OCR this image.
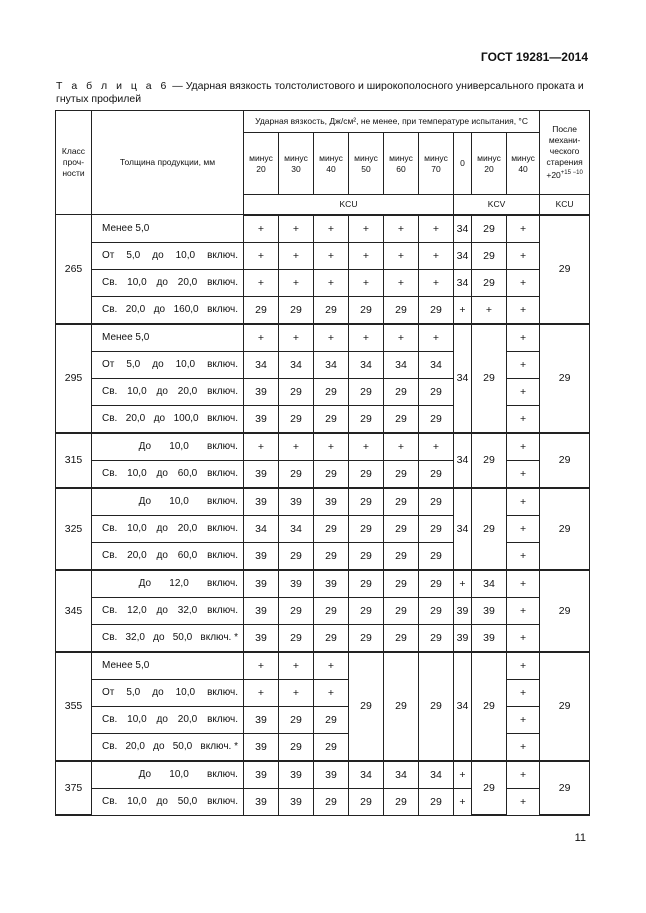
ГОСТ 19281—2014
Т а б л и ц а 6 — Ударная вязкость толстолистового и широкополосного универсального проката и гнутых профилей
Класс проч- ности	Толщина продукции, мм	Ударная вязкость, Дж/см², не менее, при температуре испытания, °С									После механи- ческого старения
$+20^{+15 -10}$
		минус 20	минус 30	минус 40	минус 50	минус 60	минус 70	0	минус 20	минус 40	
		KCU						KCV			KCU
265	Менее 5,0	+	+	+	+	+	+	34	29	+	29

	От 5,0 до 10,0 включ.	+	+	+	+	+	+	34	29	+	

	Св. 10,0 до 20,0 включ.	+	+	+	+	+	+	34	29	+	

	Св. 20,0 до 160,0 включ.	29	29	29	29	29	29	+	+	+	
295	Менее 5,0	+	+	+	+	+	+	34	29	+	29

	От 5,0 до 10,0 включ.	34	34	34	34	34	34			+	

	Св. 10,0 до 20,0 включ.	39	29	29	29	29	29			+	

	Св. 20,0 до 100,0 включ.	39	29	29	29	29	29			+	
315	До 10,0 включ.	+	+	+	+	+	+	34	29	+	29

	Св. 10,0 до 60,0 включ.	39	29	29	29	29	29			+	
325	До 10,0 включ.	39	39	39	29	29	29	34	29	+	29

	Св. 10,0 до 20,0 включ.	34	34	29	29	29	29			+	

	Св. 20,0 до 60,0 включ.	39	29	29	29	29	29			+	
345	До 12,0 включ.	39	39	39	29	29	29	+	34	+	29

	Св. 12,0 до 32,0 включ.	39	29	29	29	29	29	39	39	+	

	Св. 32,0 до 50,0 включ. *	39	29	29	29	29	29	39	39	+	
355	Менее 5,0	+	+	+	29	29	29	34	29	+	29

	От 5,0 до 10,0 включ.	+	+	+						+	

	Св. 10,0 до 20,0 включ.	39	29	29						+	

	Св. 20,0 до 50,0 включ. *	39	29	29						+	
375	До 10,0 включ.	39	39	39	34	34	34	+	29	+	29

	Св. 10,0 до 50,0 включ.	39	39	29	29	29	29	+		+	
11
